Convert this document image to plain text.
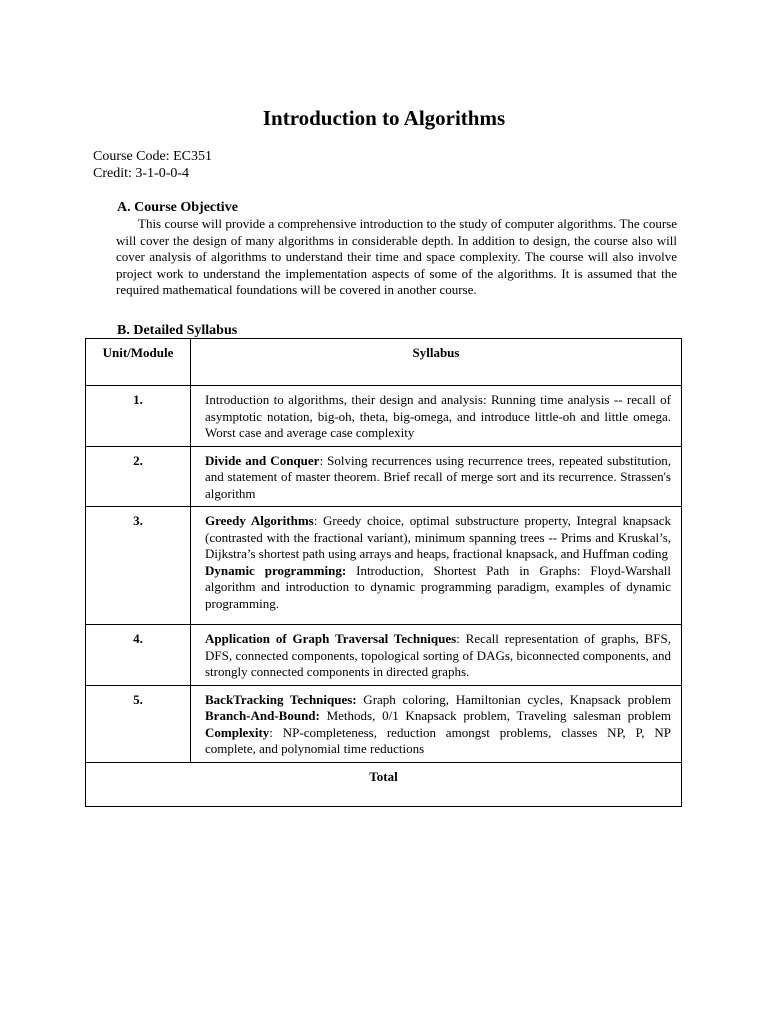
Introduction to Algorithms
Course Code: EC351
Credit: 3-1-0-0-4
A. Course Objective

This course will provide a comprehensive introduction to the study of computer algorithms. The course will cover the design of many algorithms in considerable depth. In addition to design, the course also will cover analysis of algorithms to understand their time and space complexity. The course will also involve project work to understand the implementation aspects of some of the algorithms. It is assumed that the required mathematical foundations will be covered in another course.

B. Detailed Syllabus
Unit/Module	Syllabus
1.	Introduction to algorithms, their design and analysis: Running time analysis -- recall of asymptotic notation, big-oh, theta, big-omega, and introduce little-oh and little omega. Worst case and average case complexity
2.	Divide and Conquer: Solving recurrences using recurrence trees, repeated substitution, and statement of master theorem. Brief recall of merge sort and its recurrence. Strassen's algorithm
3.	Greedy Algorithms: Greedy choice, optimal substructure property, Integral knapsack (contrasted with the fractional variant), minimum spanning trees -- Prims and Kruskal’s, Dijkstra’s shortest path using arrays and heaps, fractional knapsack, and Huffman coding
Dynamic programming: Introduction, Shortest Path in Graphs: Floyd-Warshall algorithm and introduction to dynamic programming paradigm, examples of dynamic programming.
4.	Application of Graph Traversal Techniques: Recall representation of graphs, BFS, DFS, connected components, topological sorting of DAGs, biconnected components, and strongly connected components in directed graphs.
5.	BackTracking Techniques: Graph coloring, Hamiltonian cycles, Knapsack problem Branch-And-Bound: Methods, 0/1 Knapsack problem, Traveling salesman problem Complexity: NP-completeness, reduction amongst problems, classes NP, P, NP complete, and polynomial time reductions
Total	
